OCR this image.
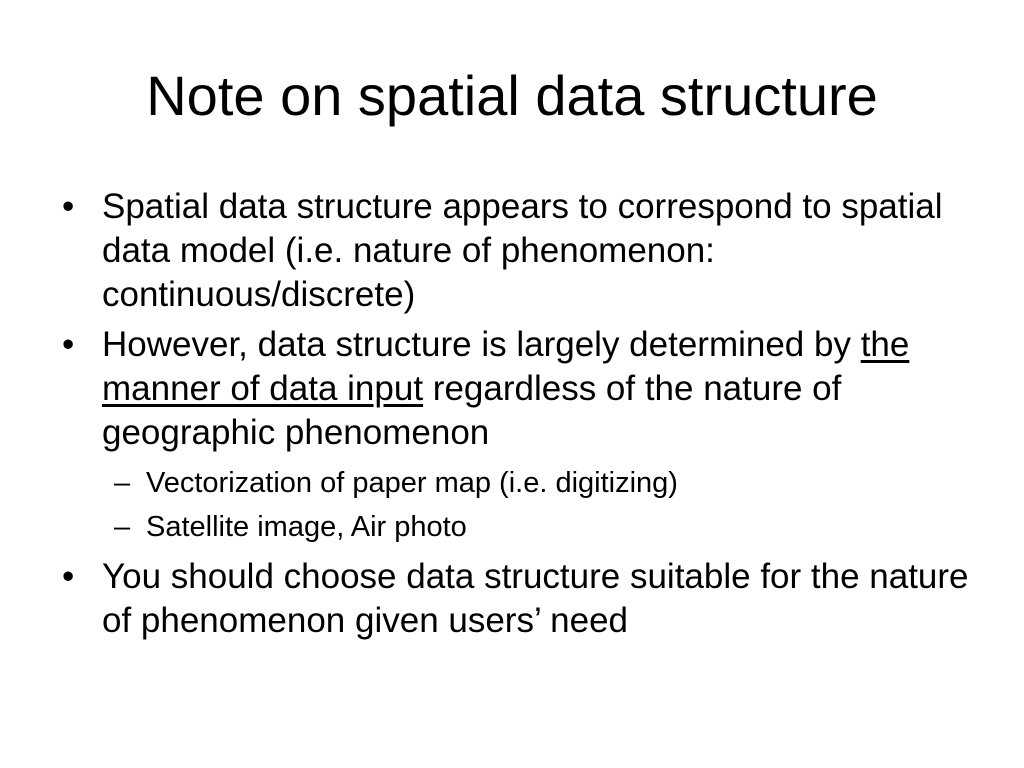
Note on spatial data structure
• Spatial data structure appears to correspond to spatial data model (i.e. nature of phenomenon: continuous/discrete)
• However, data structure is largely determined by the manner of data input regardless of the nature of geographic phenomenon
– Vectorization of paper map (i.e. digitizing)
– Satellite image, Air photo
• You should choose data structure suitable for the nature of phenomenon given users’ need
